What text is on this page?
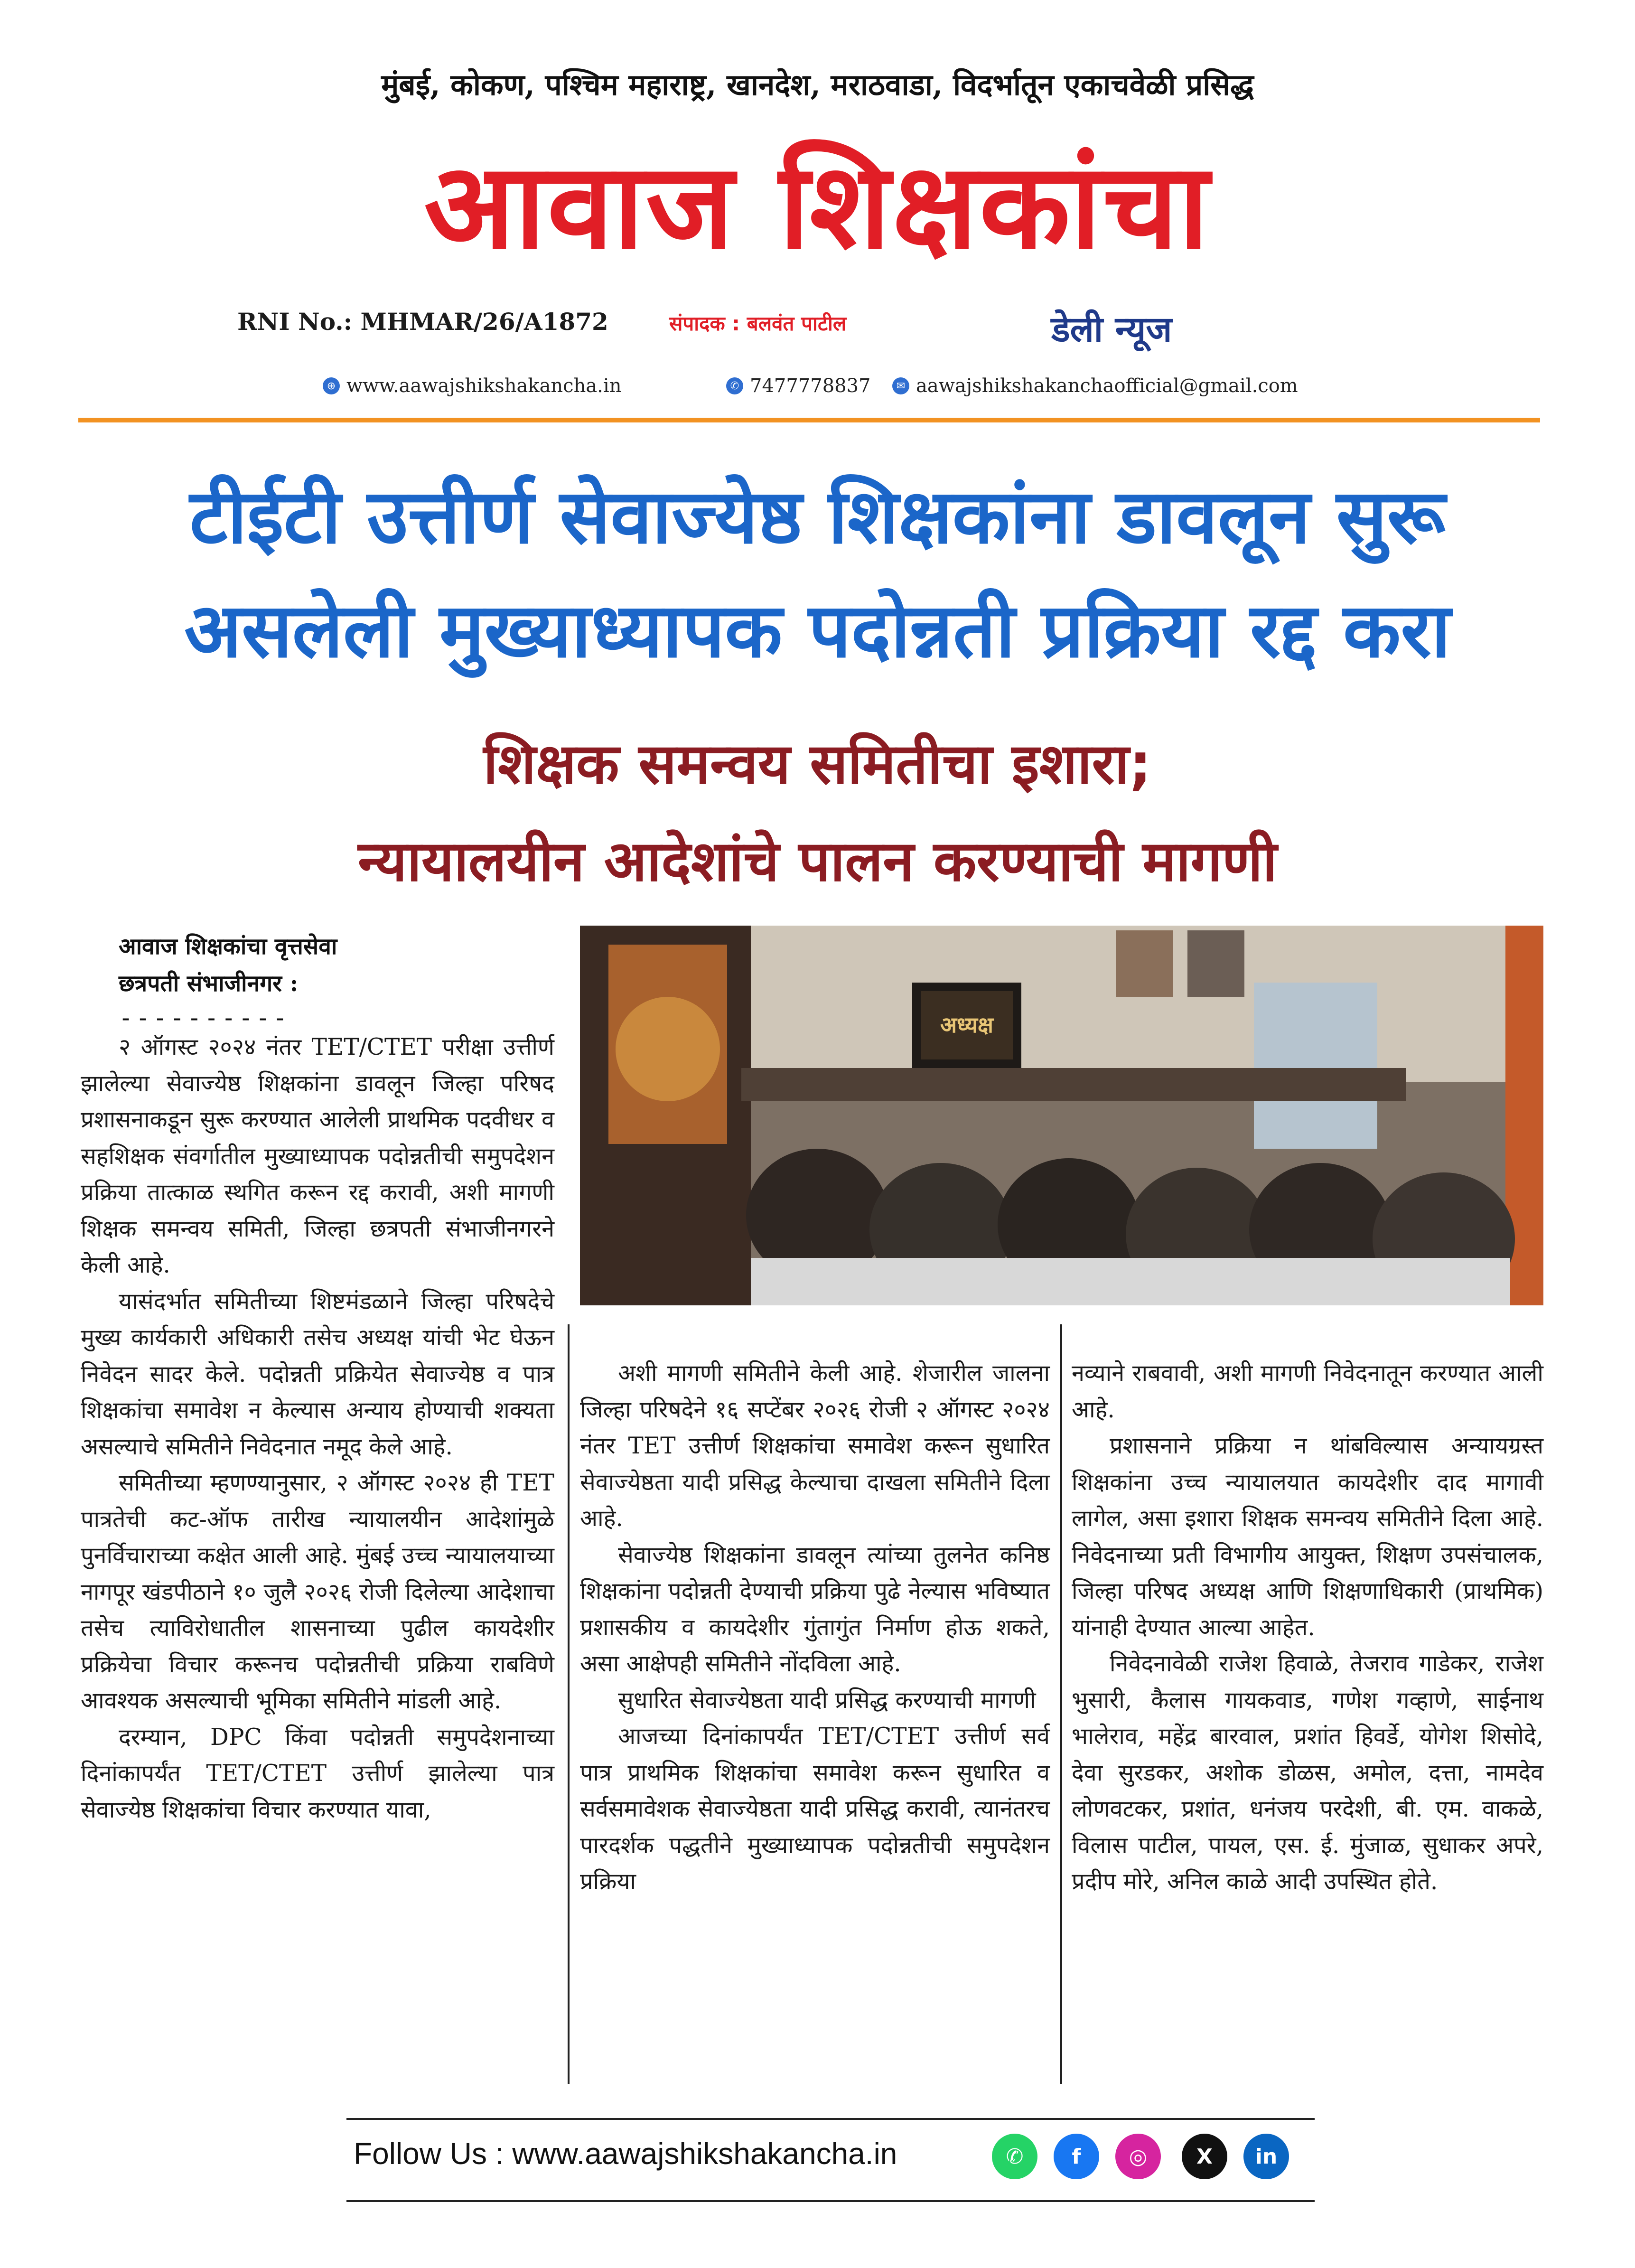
मुंबई, कोकण, पश्चिम महाराष्ट्र, खानदेश, मराठवाडा, विदर्भातून एकाचवेळी प्रसिद्ध
आवाज शिक्षकांचा
RNI No.: MHMAR/26/A1872	संपादक : बलवंत पाटील	डेली न्यूज
⊕ www.aawajshikshakancha.in	✆ 7477778837	✉ aawajshikshakanchaofficial@gmail.com
टीईटी उत्तीर्ण सेवाज्येष्ठ शिक्षकांना डावलून सुरू
असलेली मुख्याध्यापक पदोन्नती प्रक्रिया रद्द करा
शिक्षक समन्वय समितीचा इशारा;
न्यायालयीन आदेशांचे पालन करण्याची मागणी
आवाज शिक्षकांचा वृत्तसेवा
छत्रपती संभाजीनगर :
----------	अध्यक्ष

२ ऑगस्ट २०२४ नंतर TET/CTET परीक्षा उत्तीर्ण झालेल्या सेवाज्येष्ठ शिक्षकांना डावलून जिल्हा परिषद प्रशासनाकडून सुरू करण्यात आलेली प्राथमिक पदवीधर व सहशिक्षक संवर्गातील मुख्याध्यापक पदोन्नतीची समुपदेशन प्रक्रिया तात्काळ स्थगित करून रद्द करावी, अशी मागणी शिक्षक समन्वय समिती, जिल्हा छत्रपती संभाजीनगरने केली आहे.

यासंदर्भात समितीच्या शिष्टमंडळाने जिल्हा परिषदेचे मुख्य कार्यकारी अधिकारी तसेच अध्यक्ष यांची भेट घेऊन निवेदन सादर केले. पदोन्नती प्रक्रियेत सेवाज्येष्ठ व पात्र शिक्षकांचा समावेश न केल्यास अन्याय होण्याची शक्यता असल्याचे समितीने निवेदनात नमूद केले आहे.

समितीच्या म्हणण्यानुसार, २ ऑगस्ट २०२४ ही TET पात्रतेची कट-ऑफ तारीख न्यायालयीन आदेशांमुळे पुनर्विचाराच्या कक्षेत आली आहे. मुंबई उच्च न्यायालयाच्या नागपूर खंडपीठाने १० जुलै २०२६ रोजी दिलेल्या आदेशाचा तसेच त्याविरोधातील शासनाच्या पुढील कायदेशीर प्रक्रियेचा विचार करूनच पदोन्नतीची प्रक्रिया राबविणे आवश्यक असल्याची भूमिका समितीने मांडली आहे.

दरम्यान, DPC किंवा पदोन्नती समुपदेशनाच्या दिनांकापर्यंत TET/CTET उत्तीर्ण झालेल्या पात्र सेवाज्येष्ठ शिक्षकांचा विचार करण्यात यावा,

अशी मागणी समितीने केली आहे. शेजारील जालना जिल्हा परिषदेने १६ सप्टेंबर २०२६ रोजी २ ऑगस्ट २०२४ नंतर TET उत्तीर्ण शिक्षकांचा समावेश करून सुधारित सेवाज्येष्ठता यादी प्रसिद्ध केल्याचा दाखला समितीने दिला आहे.

सेवाज्येष्ठ शिक्षकांना डावलून त्यांच्या तुलनेत कनिष्ठ शिक्षकांना पदोन्नती देण्याची प्रक्रिया पुढे नेल्यास भविष्यात प्रशासकीय व कायदेशीर गुंतागुंत निर्माण होऊ शकते, असा आक्षेपही समितीने नोंदविला आहे.

सुधारित सेवाज्येष्ठता यादी प्रसिद्ध करण्याची मागणी

आजच्या दिनांकापर्यंत TET/CTET उत्तीर्ण सर्व पात्र प्राथमिक शिक्षकांचा समावेश करून सुधारित व सर्वसमावेशक सेवाज्येष्ठता यादी प्रसिद्ध करावी, त्यानंतरच पारदर्शक पद्धतीने मुख्याध्यापक पदोन्नतीची समुपदेशन प्रक्रिया

नव्याने राबवावी, अशी मागणी निवेदनातून करण्यात आली आहे.

प्रशासनाने प्रक्रिया न थांबविल्यास अन्यायग्रस्त शिक्षकांना उच्च न्यायालयात कायदेशीर दाद मागावी लागेल, असा इशारा शिक्षक समन्वय समितीने दिला आहे. निवेदनाच्या प्रती विभागीय आयुक्त, शिक्षण उपसंचालक, जिल्हा परिषद अध्यक्ष आणि शिक्षणाधिकारी (प्राथमिक) यांनाही देण्यात आल्या आहेत.

निवेदनावेळी राजेश हिवाळे, तेजराव गाडेकर, राजेश भुसारी, कैलास गायकवाड, गणेश गव्हाणे, साईनाथ भालेराव, महेंद्र बारवाल, प्रशांत हिवर्डे, योगेश शिसोदे, देवा सुरडकर, अशोक डोळस, अमोल, दत्ता, नामदेव लोणवटकर, प्रशांत, धनंजय परदेशी, बी. एम. वाकळे, विलास पाटील, पायल, एस. ई. मुंजाळ, सुधाकर अपरे, प्रदीप मोरे, अनिल काळे आदी उपस्थित होते.

Follow Us : www.aawajshikshakancha.in	✆	f	◎	X	in
